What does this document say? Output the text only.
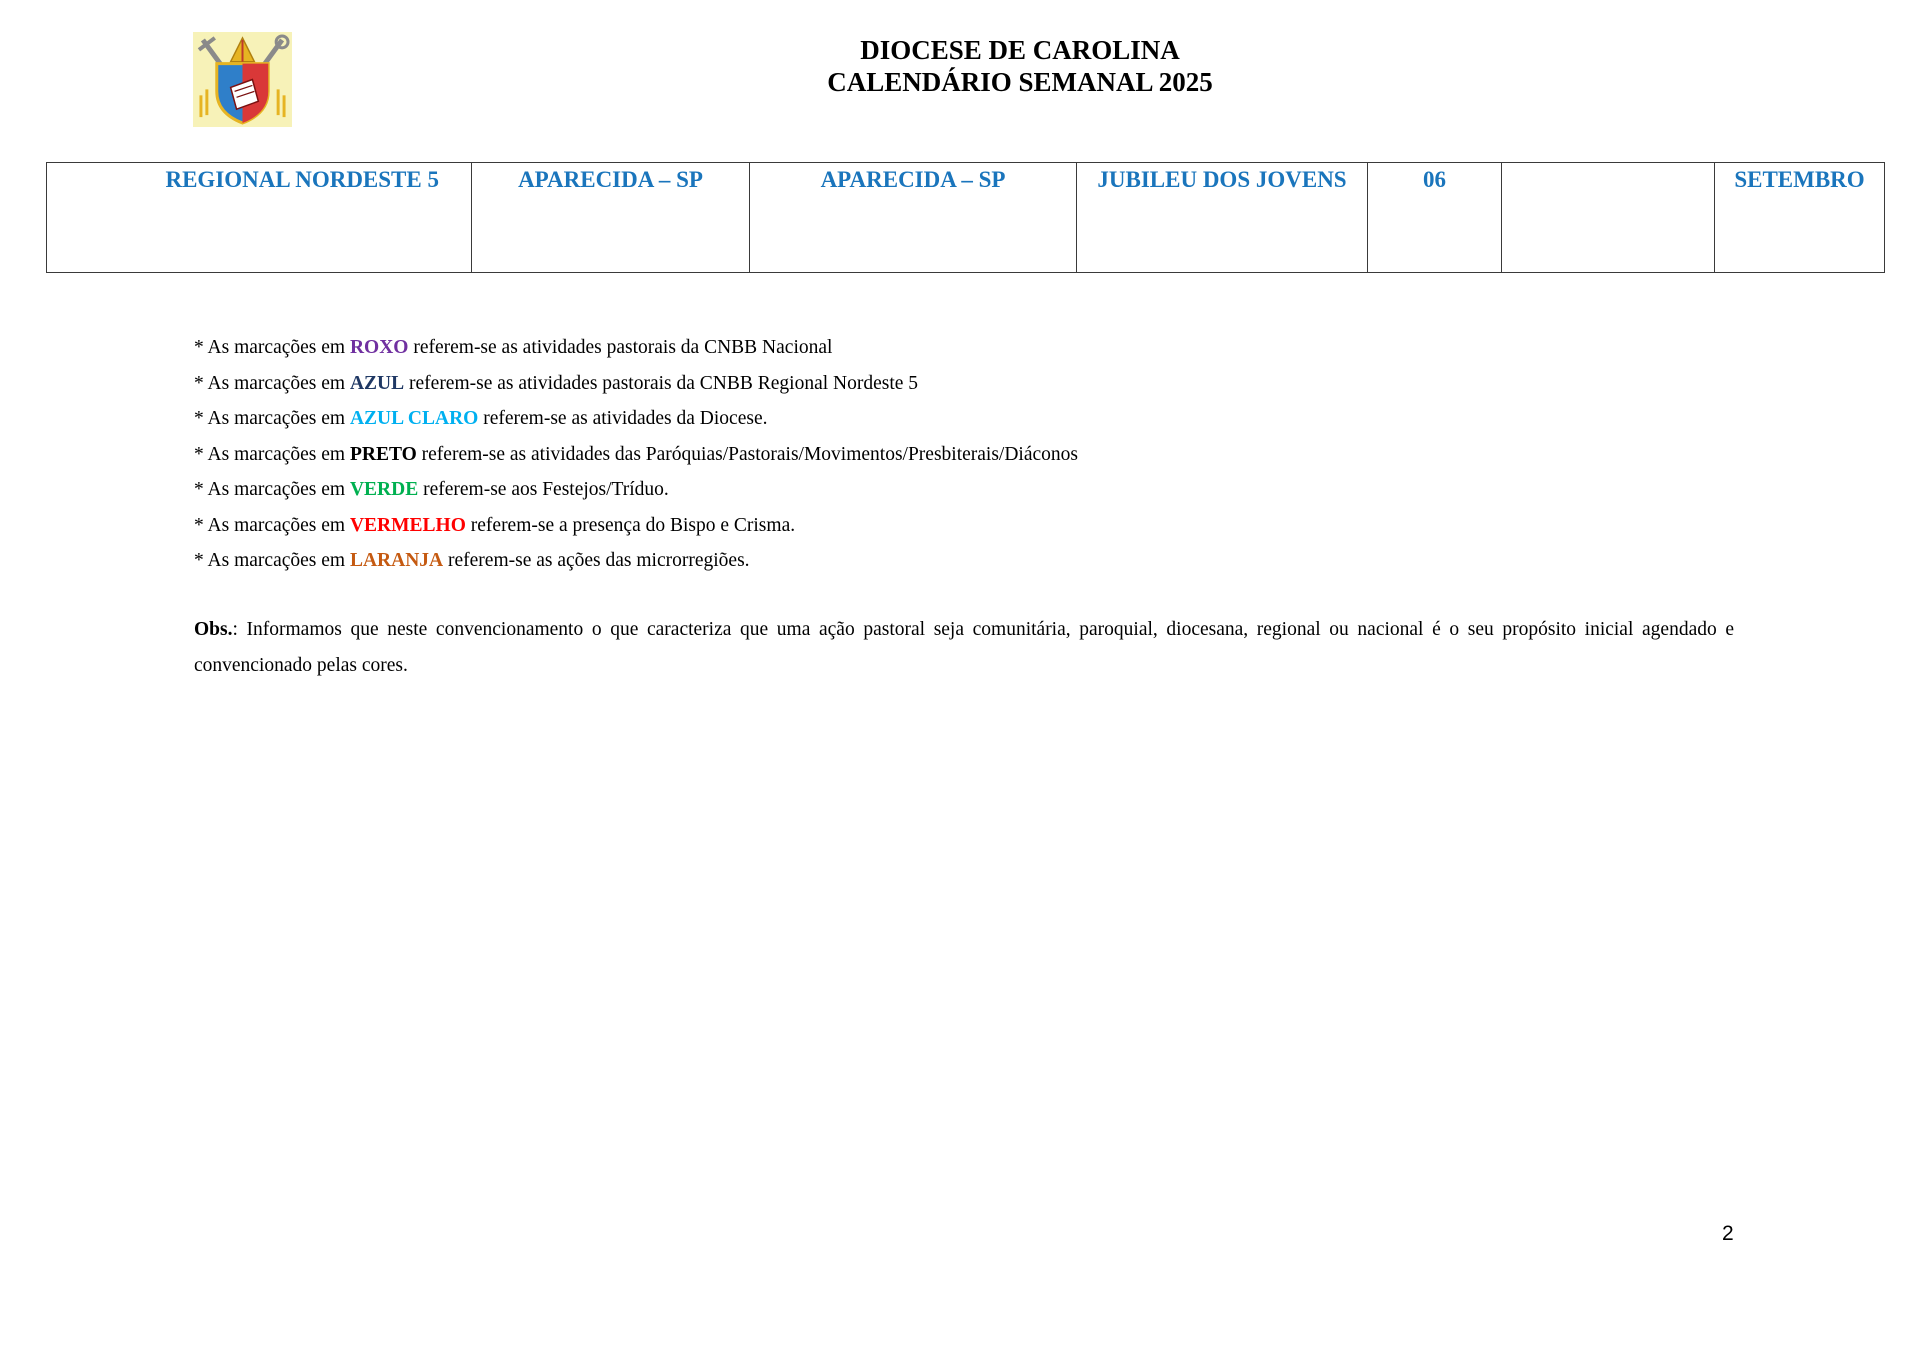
DIOCESE DE CAROLINA
CALENDÁRIO SEMANAL 2025
REGIONAL NORDESTE 5	APARECIDA – SP	APARECIDA – SP	JUBILEU DOS JOVENS	06		SETEMBRO
* As marcações em ROXO referem-se as atividades pastorais da CNBB Nacional
* As marcações em AZUL referem-se as atividades pastorais da CNBB Regional Nordeste 5
* As marcações em AZUL CLARO referem-se as atividades da Diocese.
* As marcações em PRETO referem-se as atividades das Paróquias/Pastorais/Movimentos/Presbiterais/Diáconos
* As marcações em VERDE referem-se aos Festejos/Tríduo.
* As marcações em VERMELHO referem-se a presença do Bispo e Crisma.
* As marcações em LARANJA referem-se as ações das microrregiões.
Obs.: Informamos que neste convencionamento o que caracteriza que uma ação pastoral seja comunitária, paroquial, diocesana, regional ou nacional é o seu propósito inicial agendado e convencionado pelas cores.
2
